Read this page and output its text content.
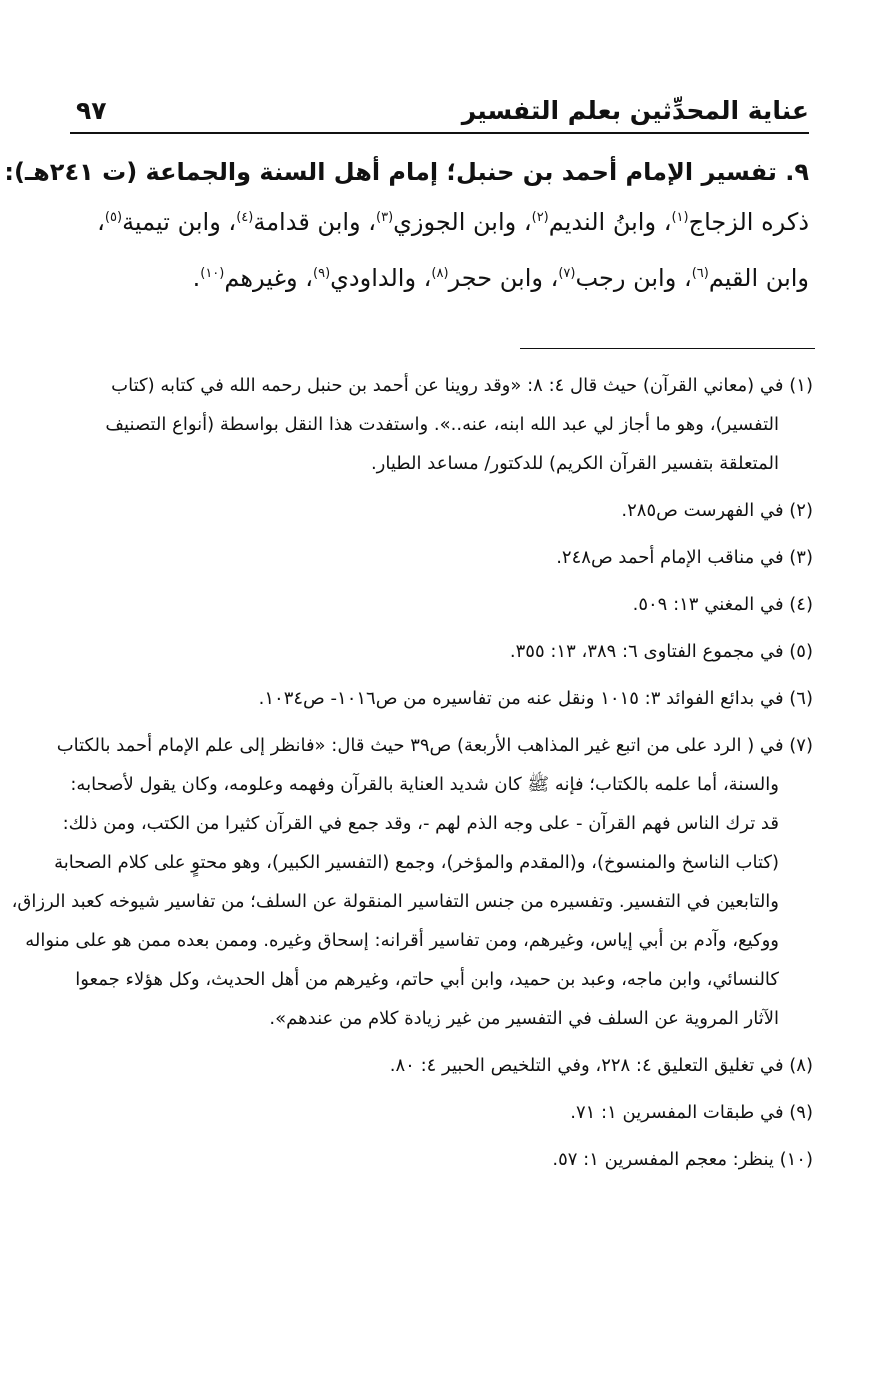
عناية المحدِّثين بعلم التفسير
٩٧
٩. تفسير الإمام أحمد بن حنبل؛ إمام أهل السنة والجماعة (ت ٢٤١هـ):
ذكره الزجاج$^{(١)}$، وابنُ النديم$^{(٢)}$، وابن الجوزي$^{(٣)}$، وابن قدامة$^{(٤)}$، وابن تيمية$^{(٥)}$،
وابن القيم$^{(٦)}$، وابن رجب$^{(٧)}$، وابن حجر$^{(٨)}$، والداودي$^{(٩)}$، وغيرهم$^{(١٠)}$.
(١) في (معاني القرآن) حيث قال ٤: ٨: «وقد روينا عن أحمد بن حنبل رحمه الله في كتابه (كتاب
التفسير)، وهو ما أجاز لي عبد الله ابنه، عنه..». واستفدت هذا النقل بواسطة (أنواع التصنيف
المتعلقة بتفسير القرآن الكريم) للدكتور/ مساعد الطيار.
(٢) في الفهرست ص٢٨٥.
(٣) في مناقب الإمام أحمد ص٢٤٨.
(٤) في المغني ١٣: ٥٠٩.
(٥) في مجموع الفتاوى ٦: ٣٨٩، ١٣: ٣٥٥.
(٦) في بدائع الفوائد ٣: ١٠١٥ ونقل عنه من تفاسيره من ص١٠١٦- ص١٠٣٤.
(٧) في ( الرد على من اتبع غير المذاهب الأربعة) ص٣٩ حيث قال: «فانظر إلى علم الإمام أحمد بالكتاب
والسنة، أما علمه بالكتاب؛ فإنه ﷺ كان شديد العناية بالقرآن وفهمه وعلومه، وكان يقول لأصحابه:
قد ترك الناس فهم القرآن - على وجه الذم لهم -، وقد جمع في القرآن كثيرا من الكتب، ومن ذلك:
(كتاب الناسخ والمنسوخ)، و(المقدم والمؤخر)، وجمع (التفسير الكبير)، وهو محتوٍ على كلام الصحابة
والتابعين في التفسير. وتفسيره من جنس التفاسير المنقولة عن السلف؛ من تفاسير شيوخه كعبد الرزاق،
ووكيع، وآدم بن أبي إياس، وغيرهم، ومن تفاسير أقرانه: إسحاق وغيره. وممن بعده ممن هو على منواله
كالنسائي، وابن ماجه، وعبد بن حميد، وابن أبي حاتم، وغيرهم من أهل الحديث، وكل هؤلاء جمعوا
الآثار المروية عن السلف في التفسير من غير زيادة كلام من عندهم».
(٨) في تغليق التعليق ٤: ٢٢٨، وفي التلخيص الحبير ٤: ٨٠.
(٩) في طبقات المفسرين ١: ٧١.
(١٠) ينظر: معجم المفسرين ١: ٥٧.
